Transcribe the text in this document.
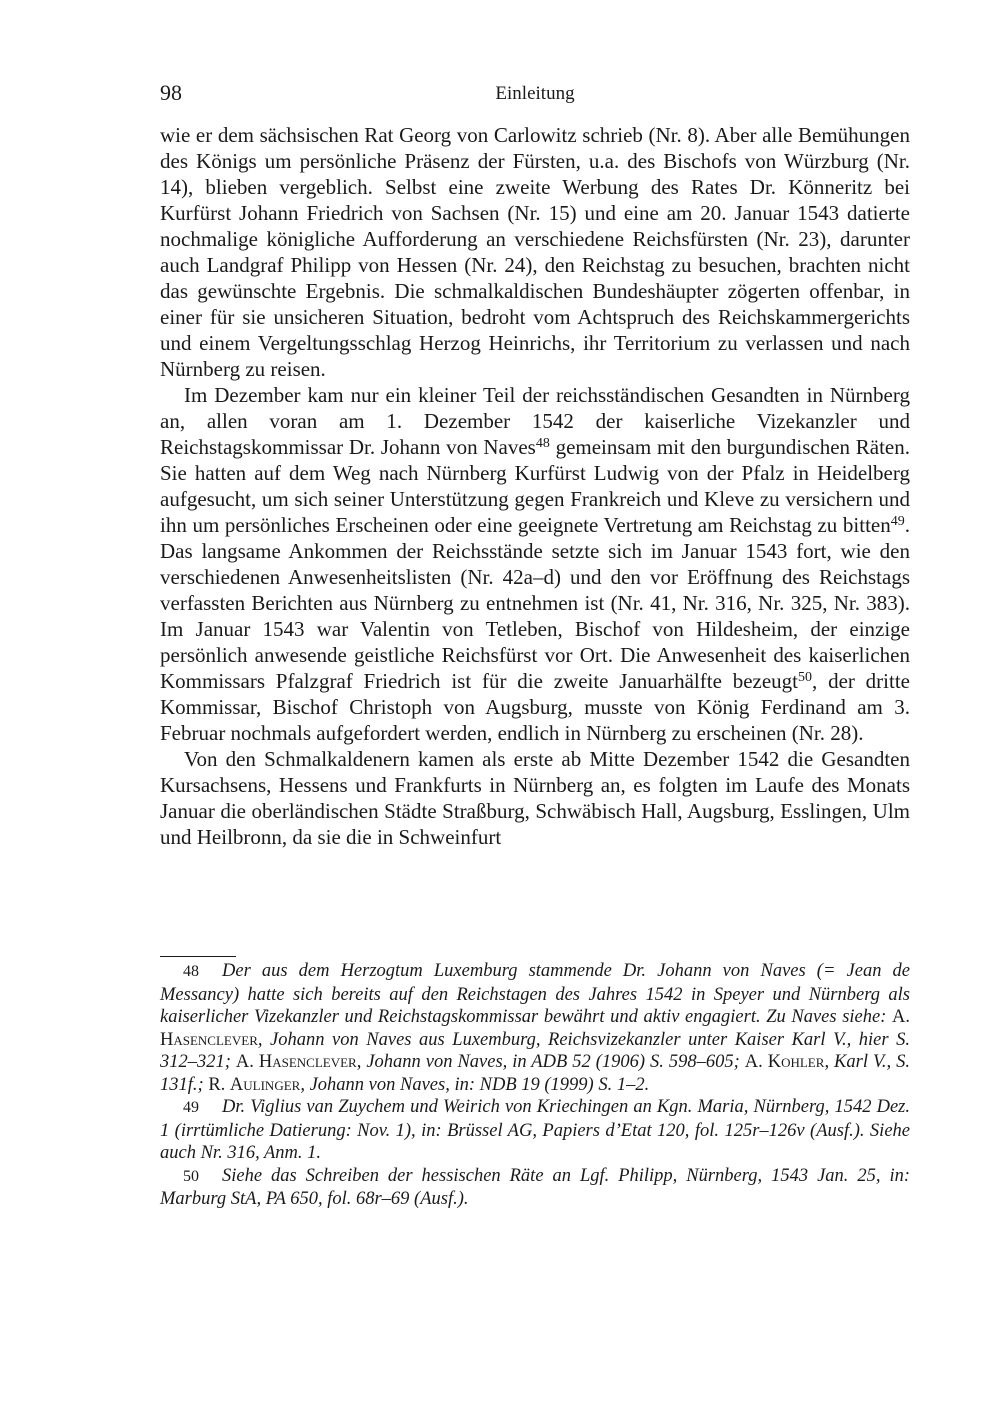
98	Einleitung

wie er dem sächsischen Rat Georg von Carlowitz schrieb (Nr. 8). Aber alle Bemühungen des Königs um persönliche Präsenz der Fürsten, u.a. des Bischofs von Würzburg (Nr. 14), blieben vergeblich. Selbst eine zweite Werbung des Rates Dr. Könneritz bei Kurfürst Johann Friedrich von Sachsen (Nr. 15) und eine am 20. Januar 1543 datierte nochmalige königliche Aufforderung an verschiedene Reichsfürsten (Nr. 23), darunter auch Landgraf Philipp von Hessen (Nr. 24), den Reichstag zu besuchen, brachten nicht das gewünschte Ergebnis. Die schmalkaldischen Bundeshäupter zögerten offenbar, in einer für sie unsicheren Situation, bedroht vom Achtspruch des Reichskammergerichts und einem Vergeltungsschlag Herzog Heinrichs, ihr Territorium zu verlassen und nach Nürnberg zu reisen.

Im Dezember kam nur ein kleiner Teil der reichsständischen Gesandten in Nürnberg an, allen voran am 1. Dezember 1542 der kaiserliche Vizekanzler und Reichstagskommissar Dr. Johann von Naves$^{48}$ gemeinsam mit den burgundischen Räten. Sie hatten auf dem Weg nach Nürnberg Kurfürst Ludwig von der Pfalz in Heidelberg aufgesucht, um sich seiner Unterstützung gegen Frankreich und Kleve zu versichern und ihn um persönliches Erscheinen oder eine geeignete Vertretung am Reichstag zu bitten$^{49}$. Das langsame Ankommen der Reichsstände setzte sich im Januar 1543 fort, wie den verschiedenen Anwesenheitslisten (Nr. 42a–d) und den vor Eröffnung des Reichstags verfassten Berichten aus Nürnberg zu entnehmen ist (Nr. 41, Nr. 316, Nr. 325, Nr. 383). Im Januar 1543 war Valentin von Tetleben, Bischof von Hildesheim, der einzige persönlich anwesende geistliche Reichsfürst vor Ort. Die Anwesenheit des kaiserlichen Kommissars Pfalzgraf Friedrich ist für die zweite Januarhälfte bezeugt$^{50}$, der dritte Kommissar, Bischof Christoph von Augsburg, musste von König Ferdinand am 3. Februar nochmals aufgefordert werden, endlich in Nürnberg zu erscheinen (Nr. 28).

Von den Schmalkaldenern kamen als erste ab Mitte Dezember 1542 die Gesandten Kursachsens, Hessens und Frankfurts in Nürnberg an, es folgten im Laufe des Monats Januar die oberländischen Städte Straßburg, Schwäbisch Hall, Augsburg, Esslingen, Ulm und Heilbronn, da sie die in Schweinfurt

48 Der aus dem Herzogtum Luxemburg stammende Dr. Johann von Naves (= Jean de Messancy) hatte sich bereits auf den Reichstagen des Jahres 1542 in Speyer und Nürnberg als kaiserlicher Vizekanzler und Reichstagskommissar bewährt und aktiv engagiert. Zu Naves siehe: A. Hasenclever, Johann von Naves aus Luxemburg, Reichsvizekanzler unter Kaiser Karl V., hier S. 312–321; A. Hasenclever, Johann von Naves, in ADB 52 (1906) S. 598–605; A. Kohler, Karl V., S. 131f.; R. Aulinger, Johann von Naves, in: NDB 19 (1999) S. 1–2.

49 Dr. Viglius van Zuychem und Weirich von Kriechingen an Kgn. Maria, Nürnberg, 1542 Dez. 1 (irrtümliche Datierung: Nov. 1), in: Brüssel AG, Papiers d’Etat 120, fol. 125r–126v (Ausf.). Siehe auch Nr. 316, Anm. 1.

50 Siehe das Schreiben der hessischen Räte an Lgf. Philipp, Nürnberg, 1543 Jan. 25, in: Marburg StA, PA 650, fol. 68r–69 (Ausf.).
